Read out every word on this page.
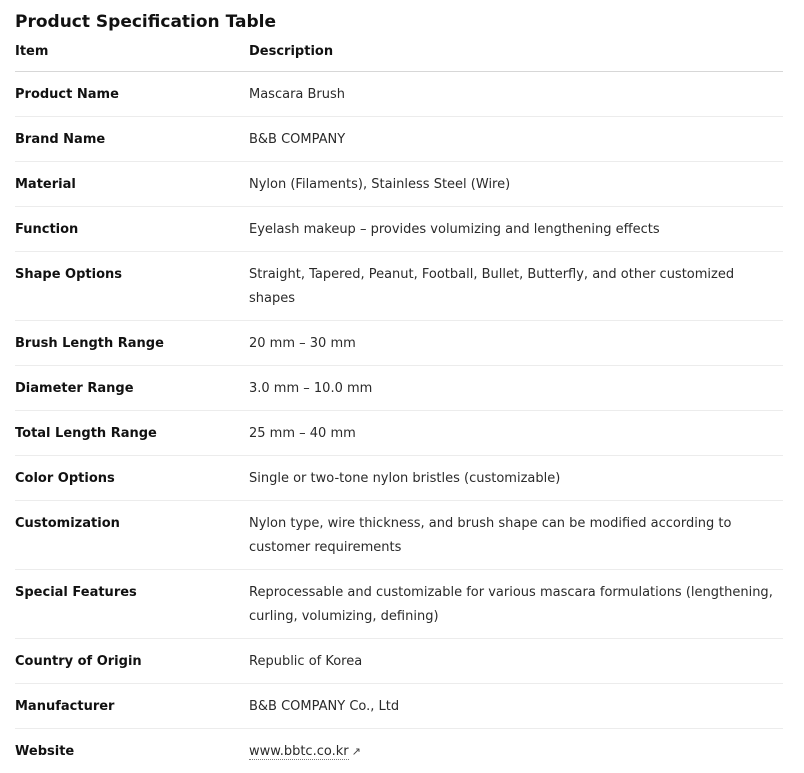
Product Specification Table
Item	Description
Product Name	Mascara Brush
Brand Name	B&B COMPANY
Material	Nylon (Filaments), Stainless Steel (Wire)
Function	Eyelash makeup – provides volumizing and lengthening effects
Shape Options	Straight, Tapered, Peanut, Football, Bullet, Butterfly, and other customized shapes
Brush Length Range	20 mm – 30 mm
Diameter Range	3.0 mm – 10.0 mm
Total Length Range	25 mm – 40 mm
Color Options	Single or two-tone nylon bristles (customizable)
Customization	Nylon type, wire thickness, and brush shape can be modified according to customer requirements
Special Features	Reprocessable and customizable for various mascara formulations (lengthening, curling, volumizing, defining)
Country of Origin	Republic of Korea
Manufacturer	B&B COMPANY Co., Ltd
Website	www.bbtc.co.kr ↗
